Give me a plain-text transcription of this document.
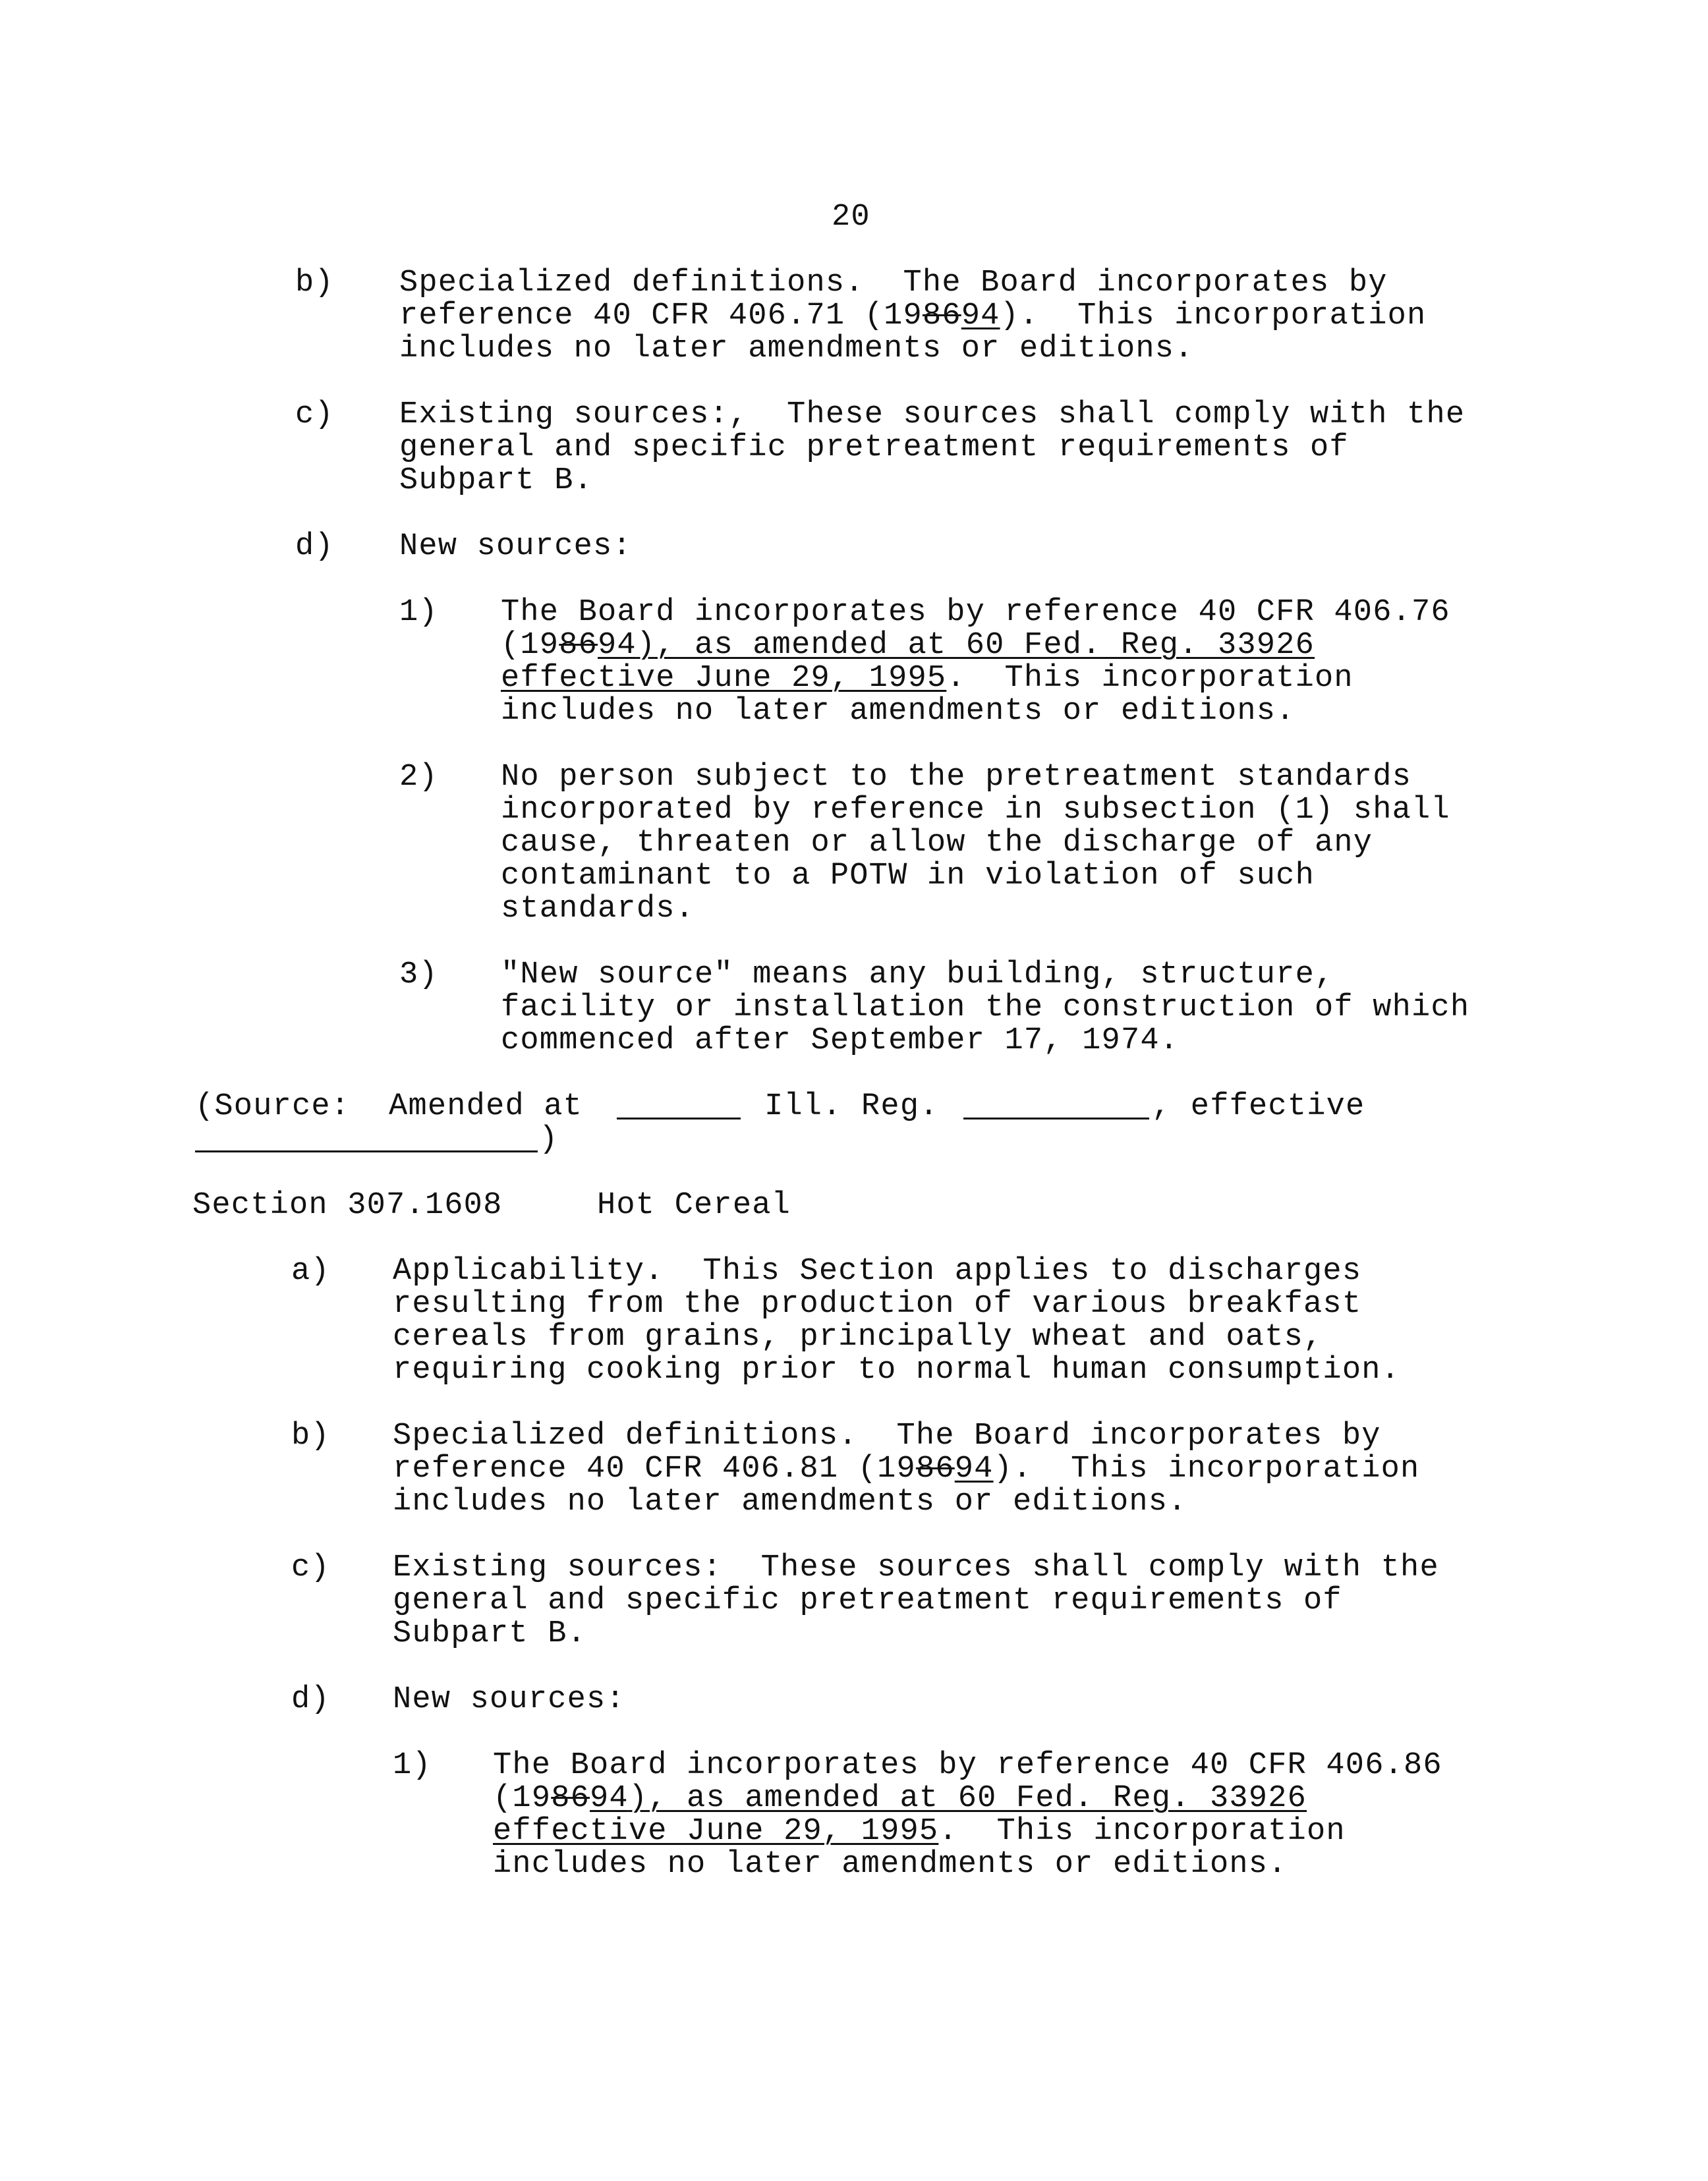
20
b) Specialized definitions.  The Board incorporates by
reference 40 CFR 406.71 (198694).  This incorporation
includes no later amendments or editions.
c) Existing sources:,  These sources shall comply with the
general and specific pretreatment requirements of
Subpart B.
d) New sources:
1) The Board incorporates by reference 40 CFR 406.76
(198694), as amended at 60 Fed. Reg. 33926
effective June 29, 1995.  This incorporation
includes no later amendments or editions.
2) No person subject to the pretreatment standards
incorporated by reference in subsection (1) shall
cause, threaten or allow the discharge of any
contaminant to a POTW in violation of such
standards.
3) "New source" means any building, structure,
facility or installation the construction of which
commenced after September 17, 1974.
(Source:  Amended at	Ill. Reg.	, effective
)
Section 307.1608	Hot Cereal
a) Applicability.  This Section applies to discharges
resulting from the production of various breakfast
cereals from grains, principally wheat and oats,
requiring cooking prior to normal human consumption.
b) Specialized definitions.  The Board incorporates by
reference 40 CFR 406.81 (198694).  This incorporation
includes no later amendments or editions.
c) Existing sources:  These sources shall comply with the
general and specific pretreatment requirements of
Subpart B.
d) New sources:
1) The Board incorporates by reference 40 CFR 406.86
(198694), as amended at 60 Fed. Reg. 33926
effective June 29, 1995.  This incorporation
includes no later amendments or editions.
